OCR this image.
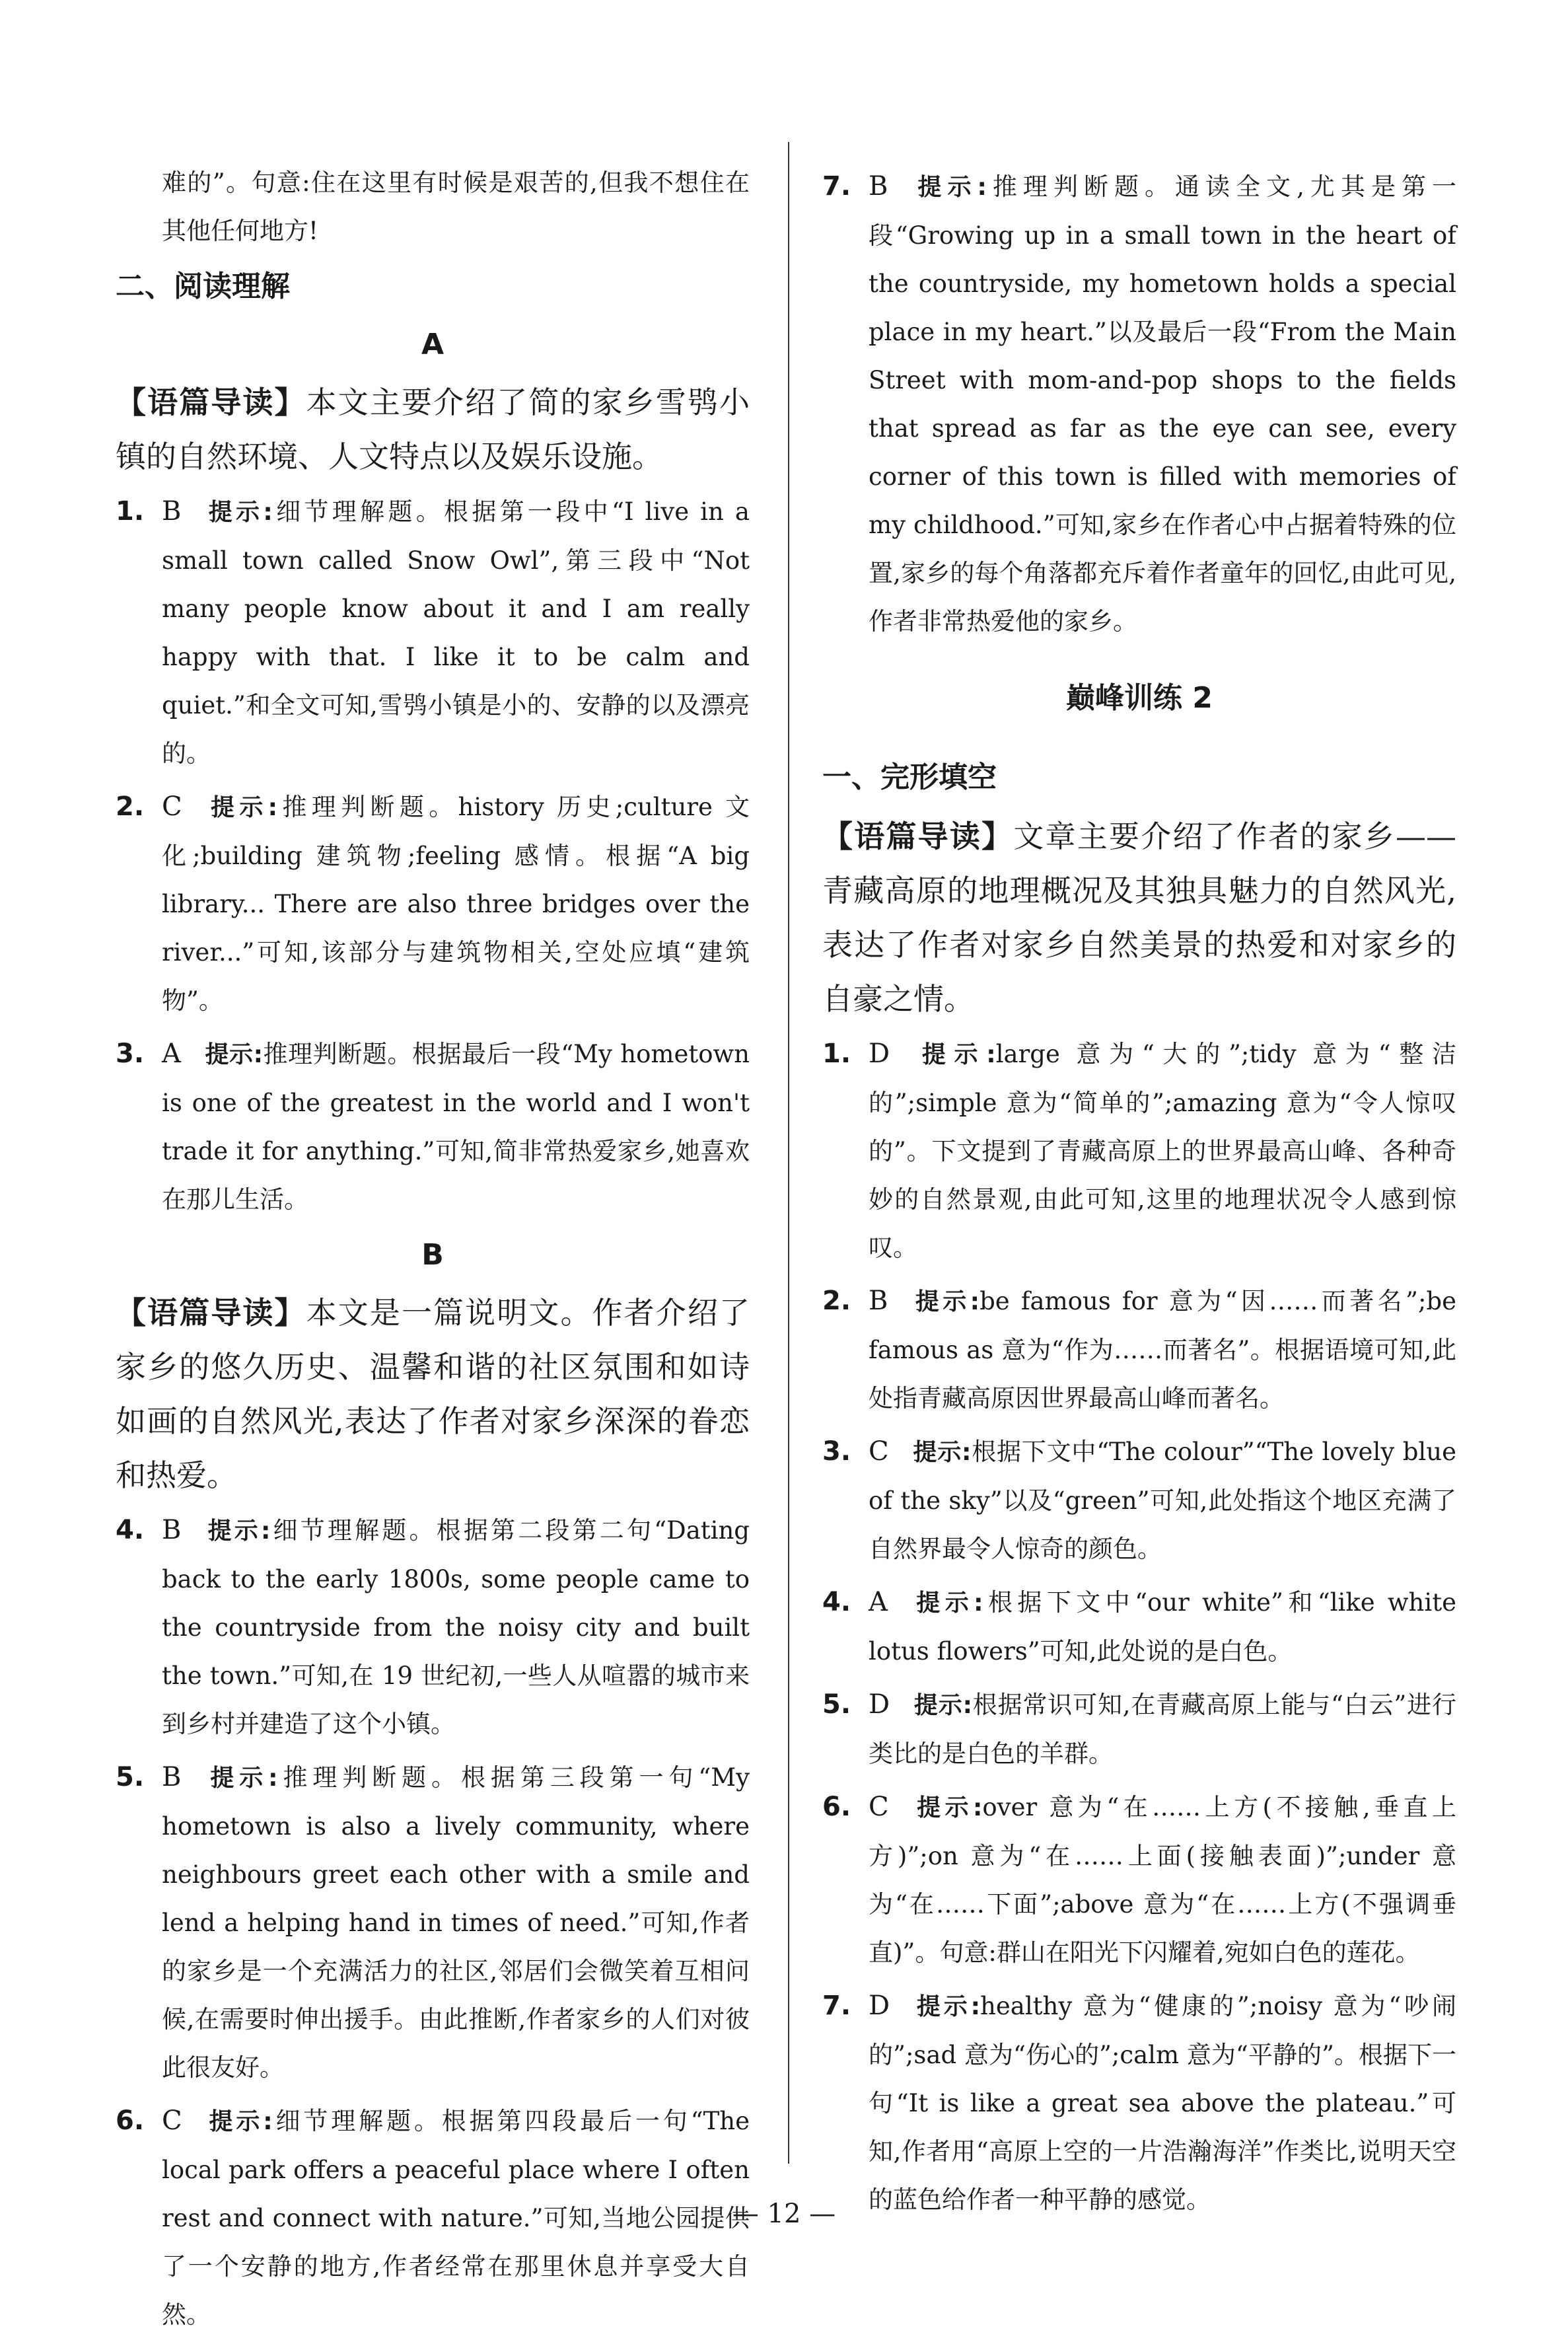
难的”。句意:住在这里有时候是艰苦的,但我不想住在其他任何地方!

二、阅读理解
A

【语篇导读】本文主要介绍了简的家乡雪鸮小镇的自然环境、人文特点以及娱乐设施。

1. B 提示:细节理解题。根据第一段中“I live in a small town called Snow Owl”,第三段中“Not many people know about it and I am really happy with that. I like it to be calm and quiet.”和全文可知,雪鸮小镇是小的、安静的以及漂亮的。
2. C 提示:推理判断题。history 历史;culture 文化;building 建筑物;feeling 感情。根据“A big library... There are also three bridges over the river...”可知,该部分与建筑物相关,空处应填“建筑物”。
3. A 提示:推理判断题。根据最后一段“My hometown is one of the greatest in the world and I won't trade it for anything.”可知,简非常热爱家乡,她喜欢在那儿生活。
B

【语篇导读】本文是一篇说明文。作者介绍了家乡的悠久历史、温馨和谐的社区氛围和如诗如画的自然风光,表达了作者对家乡深深的眷恋和热爱。

4. B 提示:细节理解题。根据第二段第二句“Dating back to the early 1800s, some people came to the countryside from the noisy city and built the town.”可知,在 19 世纪初,一些人从喧嚣的城市来到乡村并建造了这个小镇。
5. B 提示:推理判断题。根据第三段第一句“My hometown is also a lively community, where neighbours greet each other with a smile and lend a helping hand in times of need.”可知,作者的家乡是一个充满活力的社区,邻居们会微笑着互相问候,在需要时伸出援手。由此推断,作者家乡的人们对彼此很友好。
6. C 提示:细节理解题。根据第四段最后一句“The local park offers a peaceful place where I often rest and connect with nature.”可知,当地公园提供了一个安静的地方,作者经常在那里休息并享受大自然。
7. B 提示:推理判断题。通读全文,尤其是第一段“Growing up in a small town in the heart of the countryside, my hometown holds a special place in my heart.”以及最后一段“From the Main Street with mom-and-pop shops to the fields that spread as far as the eye can see, every corner of this town is filled with memories of my childhood.”可知,家乡在作者心中占据着特殊的位置,家乡的每个角落都充斥着作者童年的回忆,由此可见,作者非常热爱他的家乡。
巅峰训练 2
一、完形填空

【语篇导读】文章主要介绍了作者的家乡——青藏高原的地理概况及其独具魅力的自然风光,表达了作者对家乡自然美景的热爱和对家乡的自豪之情。

1. D 提示:large 意为“大的”;tidy 意为“整洁的”;simple 意为“简单的”;amazing 意为“令人惊叹的”。下文提到了青藏高原上的世界最高山峰、各种奇妙的自然景观,由此可知,这里的地理状况令人感到惊叹。
2. B 提示:be famous for 意为“因……而著名”;be famous as 意为“作为……而著名”。根据语境可知,此处指青藏高原因世界最高山峰而著名。
3. C 提示:根据下文中“The colour”“The lovely blue of the sky”以及“green”可知,此处指这个地区充满了自然界最令人惊奇的颜色。
4. A 提示:根据下文中“our white”和“like white lotus flowers”可知,此处说的是白色。
5. D 提示:根据常识可知,在青藏高原上能与“白云”进行类比的是白色的羊群。
6. C 提示:over 意为“在……上方(不接触,垂直上方)”;on 意为“在……上面(接触表面)”;under 意为“在……下面”;above 意为“在……上方(不强调垂直)”。句意:群山在阳光下闪耀着,宛如白色的莲花。
7. D 提示:healthy 意为“健康的”;noisy 意为“吵闹的”;sad 意为“伤心的”;calm 意为“平静的”。根据下一句“It is like a great sea above the plateau.”可知,作者用“高原上空的一片浩瀚海洋”作类比,说明天空的蓝色给作者一种平静的感觉。
— 12 —
